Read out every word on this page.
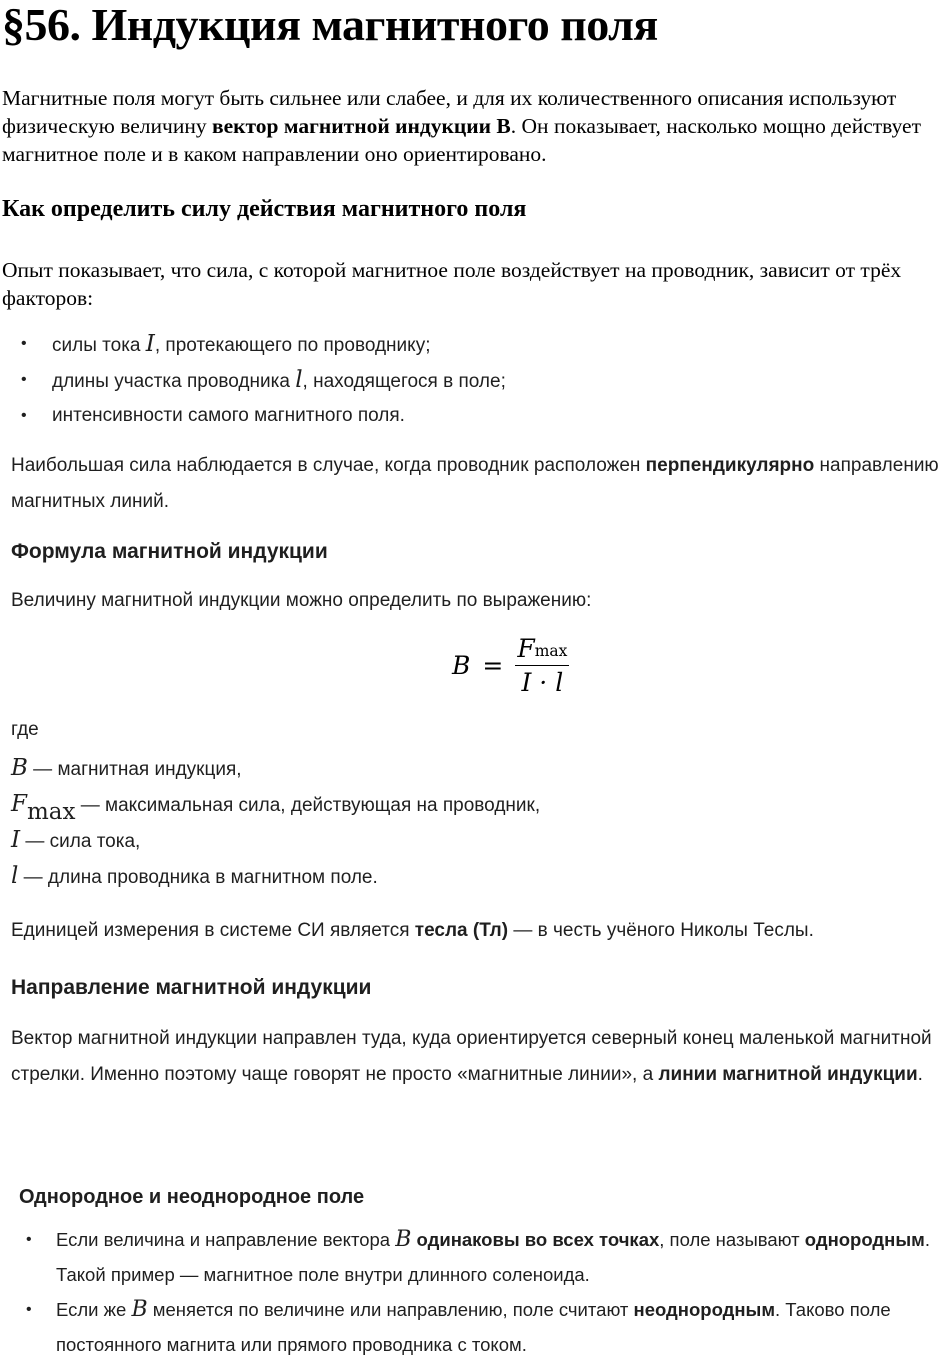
§56. Индукция магнитного поля

Магнитные поля могут быть сильнее или слабее, и для их количественного описания используют физическую величину вектор магнитной индукции B. Он показывает, насколько мощно действует магнитное поле и в каком направлении оно ориентировано.

Как определить силу действия магнитного поля

Опыт показывает, что сила, с которой магнитное поле воздействует на проводник, зависит от трёх факторов:

• силы тока I, протекающего по проводнику;
• длины участка проводника l, находящегося в поле;
• интенсивности самого магнитного поля.

Наибольшая сила наблюдается в случае, когда проводник расположен перпендикулярно направлению магнитных линий.

Формула магнитной индукции

Величину магнитной индукции можно определить по выражению:

$B = \frac{Fmax}{I \cdot l}$

где

B — магнитная индукция,
Fmax — максимальная сила, действующая на проводник,
I — сила тока,
l — длина проводника в магнитном поле.

Единицей измерения в системе СИ является тесла (Тл) — в честь учёного Николы Теслы.

Направление магнитной индукции

Вектор магнитной индукции направлен туда, куда ориентируется северный конец маленькой магнитной стрелки. Именно поэтому чаще говорят не просто «магнитные линии», а линии магнитной индукции.

Однородное и неоднородное поле
• Если величина и направление вектора B одинаковы во всех точках, поле называют однородным. Такой пример — магнитное поле внутри длинного соленоида.
• Если же B меняется по величине или направлению, поле считают неоднородным. Таково поле постоянного магнита или прямого проводника с током.
